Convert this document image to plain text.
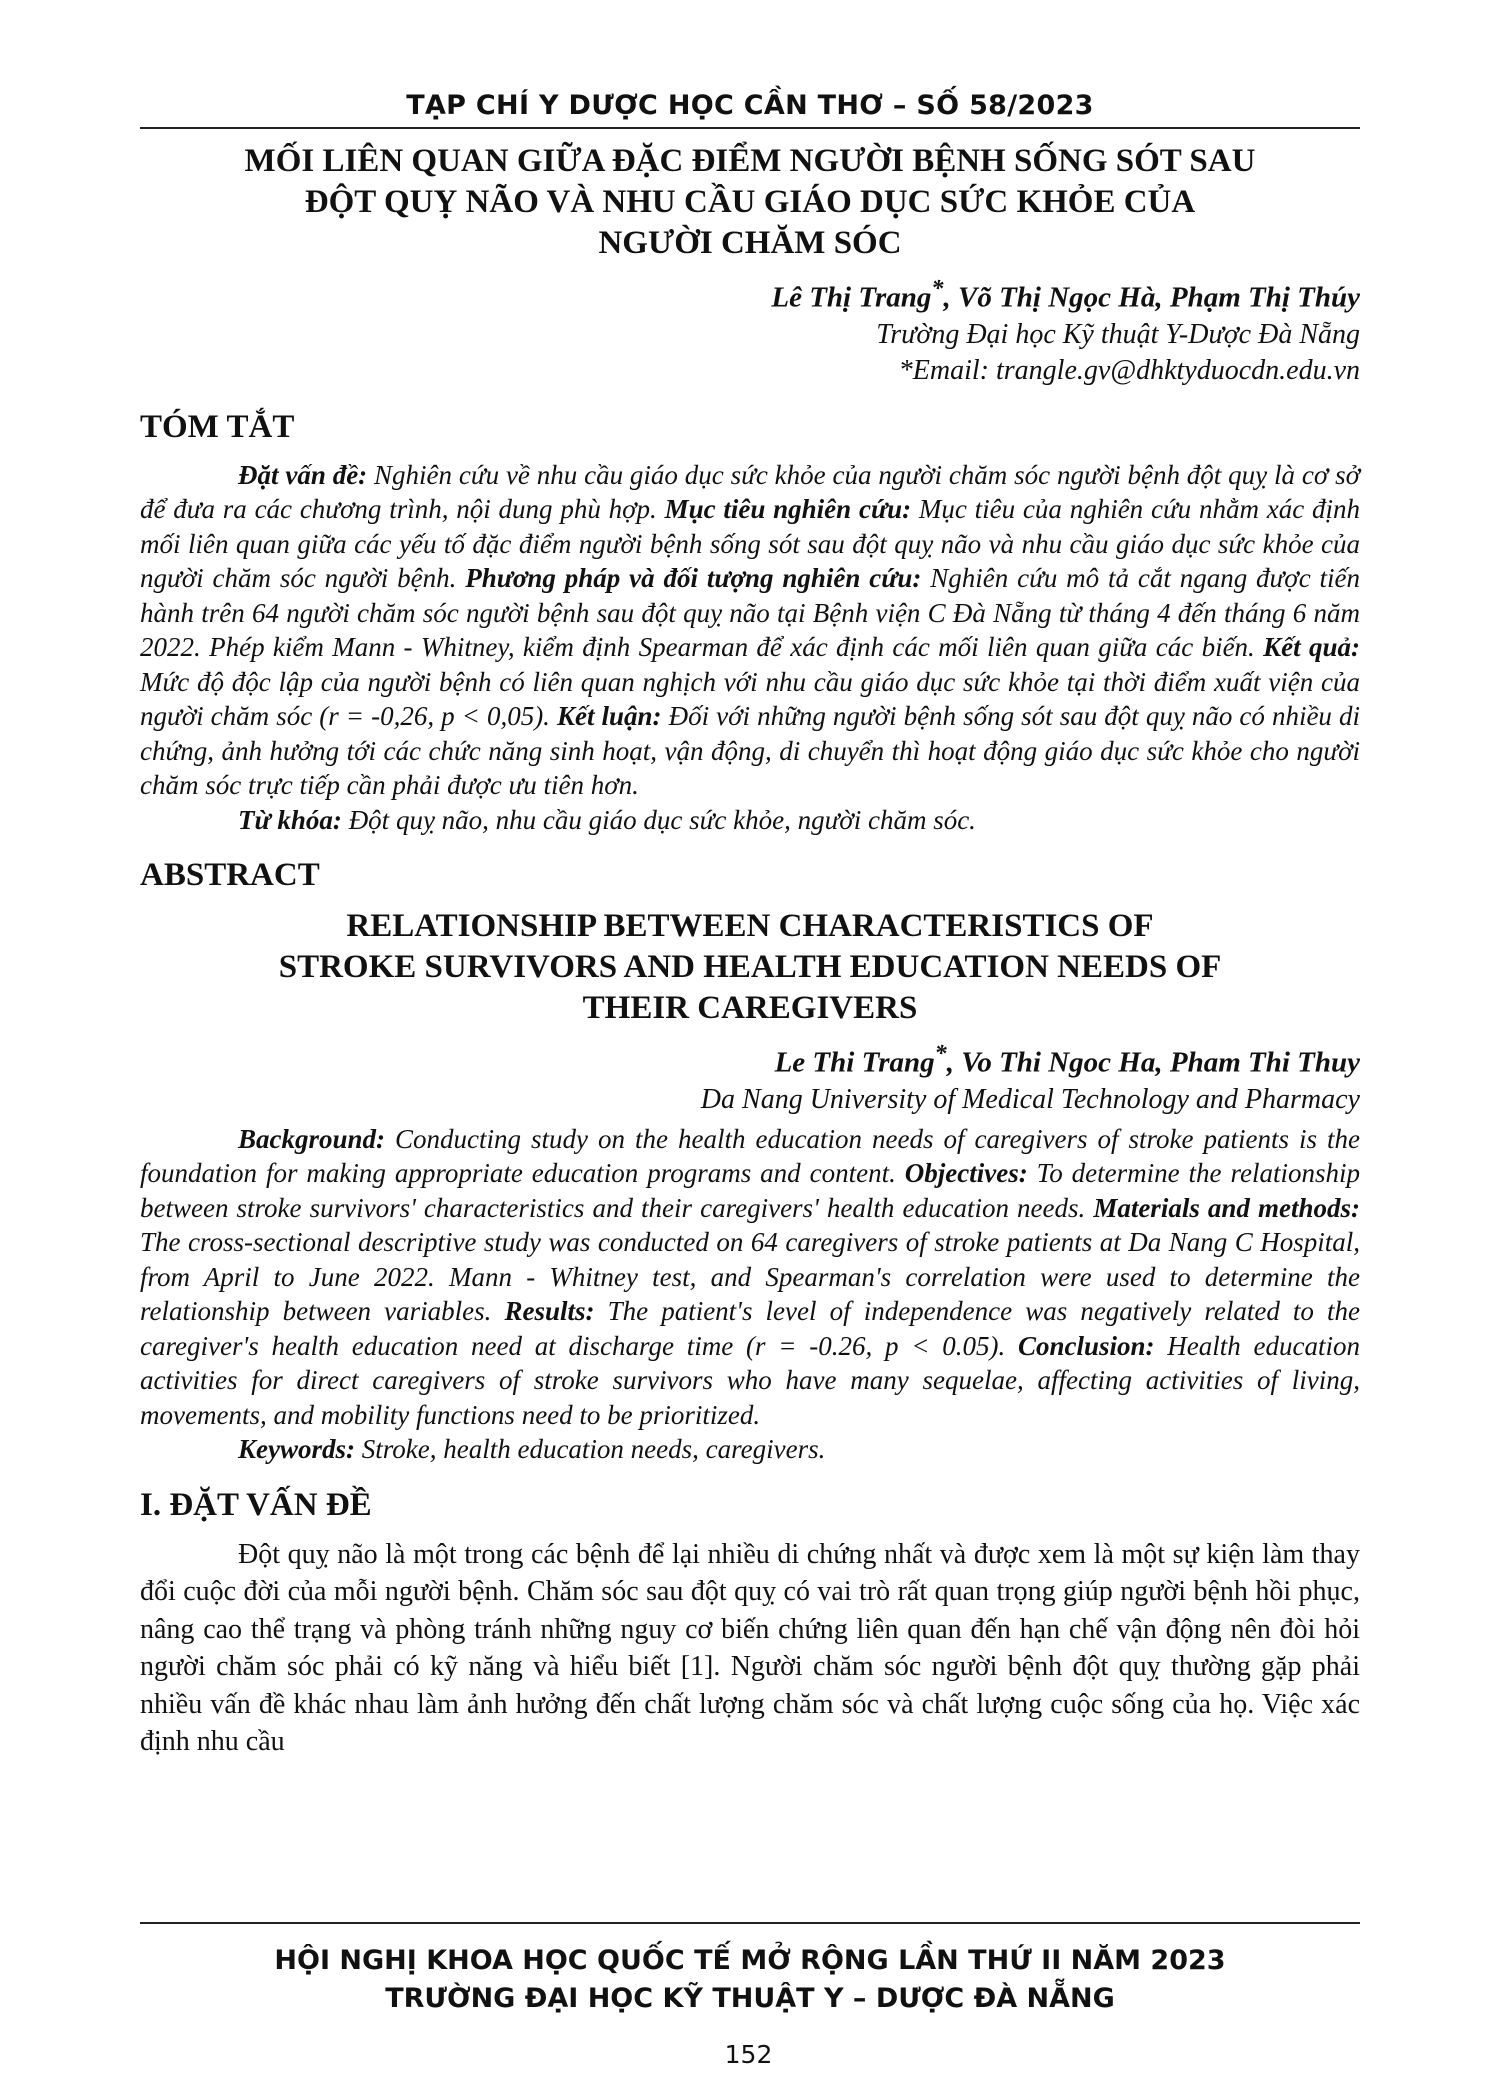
TẠP CHÍ Y DƯỢC HỌC CẦN THƠ – SỐ 58/2023
MỐI LIÊN QUAN GIỮA ĐẶC ĐIỂM NGƯỜI BỆNH SỐNG SÓT SAU
ĐỘT QUỴ NÃO VÀ NHU CẦU GIÁO DỤC SỨC KHỎE CỦA
NGƯỜI CHĂM SÓC
Lê Thị Trang*, Võ Thị Ngọc Hà, Phạm Thị Thúy
Trường Đại học Kỹ thuật Y-Dược Đà Nẵng
*Email: trangle.gv@dhktyduocdn.edu.vn
TÓM TẮT

Đặt vấn đề: Nghiên cứu về nhu cầu giáo dục sức khỏe của người chăm sóc người bệnh đột quỵ là cơ sở để đưa ra các chương trình, nội dung phù hợp. Mục tiêu nghiên cứu: Mục tiêu của nghiên cứu nhằm xác định mối liên quan giữa các yếu tố đặc điểm người bệnh sống sót sau đột quỵ não và nhu cầu giáo dục sức khỏe của người chăm sóc người bệnh. Phương pháp và đối tượng nghiên cứu: Nghiên cứu mô tả cắt ngang được tiến hành trên 64 người chăm sóc người bệnh sau đột quỵ não tại Bệnh viện C Đà Nẵng từ tháng 4 đến tháng 6 năm 2022. Phép kiểm Mann - Whitney, kiểm định Spearman để xác định các mối liên quan giữa các biến. Kết quả: Mức độ độc lập của người bệnh có liên quan nghịch với nhu cầu giáo dục sức khỏe tại thời điểm xuất viện của người chăm sóc (r = -0,26, p < 0,05). Kết luận: Đối với những người bệnh sống sót sau đột quỵ não có nhiều di chứng, ảnh hưởng tới các chức năng sinh hoạt, vận động, di chuyển thì hoạt động giáo dục sức khỏe cho người chăm sóc trực tiếp cần phải được ưu tiên hơn.

Từ khóa: Đột quỵ não, nhu cầu giáo dục sức khỏe, người chăm sóc.

ABSTRACT
RELATIONSHIP BETWEEN CHARACTERISTICS OF
STROKE SURVIVORS AND HEALTH EDUCATION NEEDS OF
THEIR CAREGIVERS
Le Thi Trang*, Vo Thi Ngoc Ha, Pham Thi Thuy
Da Nang University of Medical Technology and Pharmacy

Background: Conducting study on the health education needs of caregivers of stroke patients is the foundation for making appropriate education programs and content. Objectives: To determine the relationship between stroke survivors' characteristics and their caregivers' health education needs. Materials and methods: The cross-sectional descriptive study was conducted on 64 caregivers of stroke patients at Da Nang C Hospital, from April to June 2022. Mann - Whitney test, and Spearman's correlation were used to determine the relationship between variables. Results: The patient's level of independence was negatively related to the caregiver's health education need at discharge time (r = -0.26, p < 0.05). Conclusion: Health education activities for direct caregivers of stroke survivors who have many sequelae, affecting activities of living, movements, and mobility functions need to be prioritized.

Keywords: Stroke, health education needs, caregivers.

I. ĐẶT VẤN ĐỀ

Đột quỵ não là một trong các bệnh để lại nhiều di chứng nhất và được xem là một sự kiện làm thay đổi cuộc đời của mỗi người bệnh. Chăm sóc sau đột quỵ có vai trò rất quan trọng giúp người bệnh hồi phục, nâng cao thể trạng và phòng tránh những nguy cơ biến chứng liên quan đến hạn chế vận động nên đòi hỏi người chăm sóc phải có kỹ năng và hiểu biết [1]. Người chăm sóc người bệnh đột quỵ thường gặp phải nhiều vấn đề khác nhau làm ảnh hưởng đến chất lượng chăm sóc và chất lượng cuộc sống của họ. Việc xác định nhu cầu

HỘI NGHỊ KHOA HỌC QUỐC TẾ MỞ RỘNG LẦN THỨ II NĂM 2023
TRƯỜNG ĐẠI HỌC KỸ THUẬT Y – DƯỢC ĐÀ NẴNG
152
